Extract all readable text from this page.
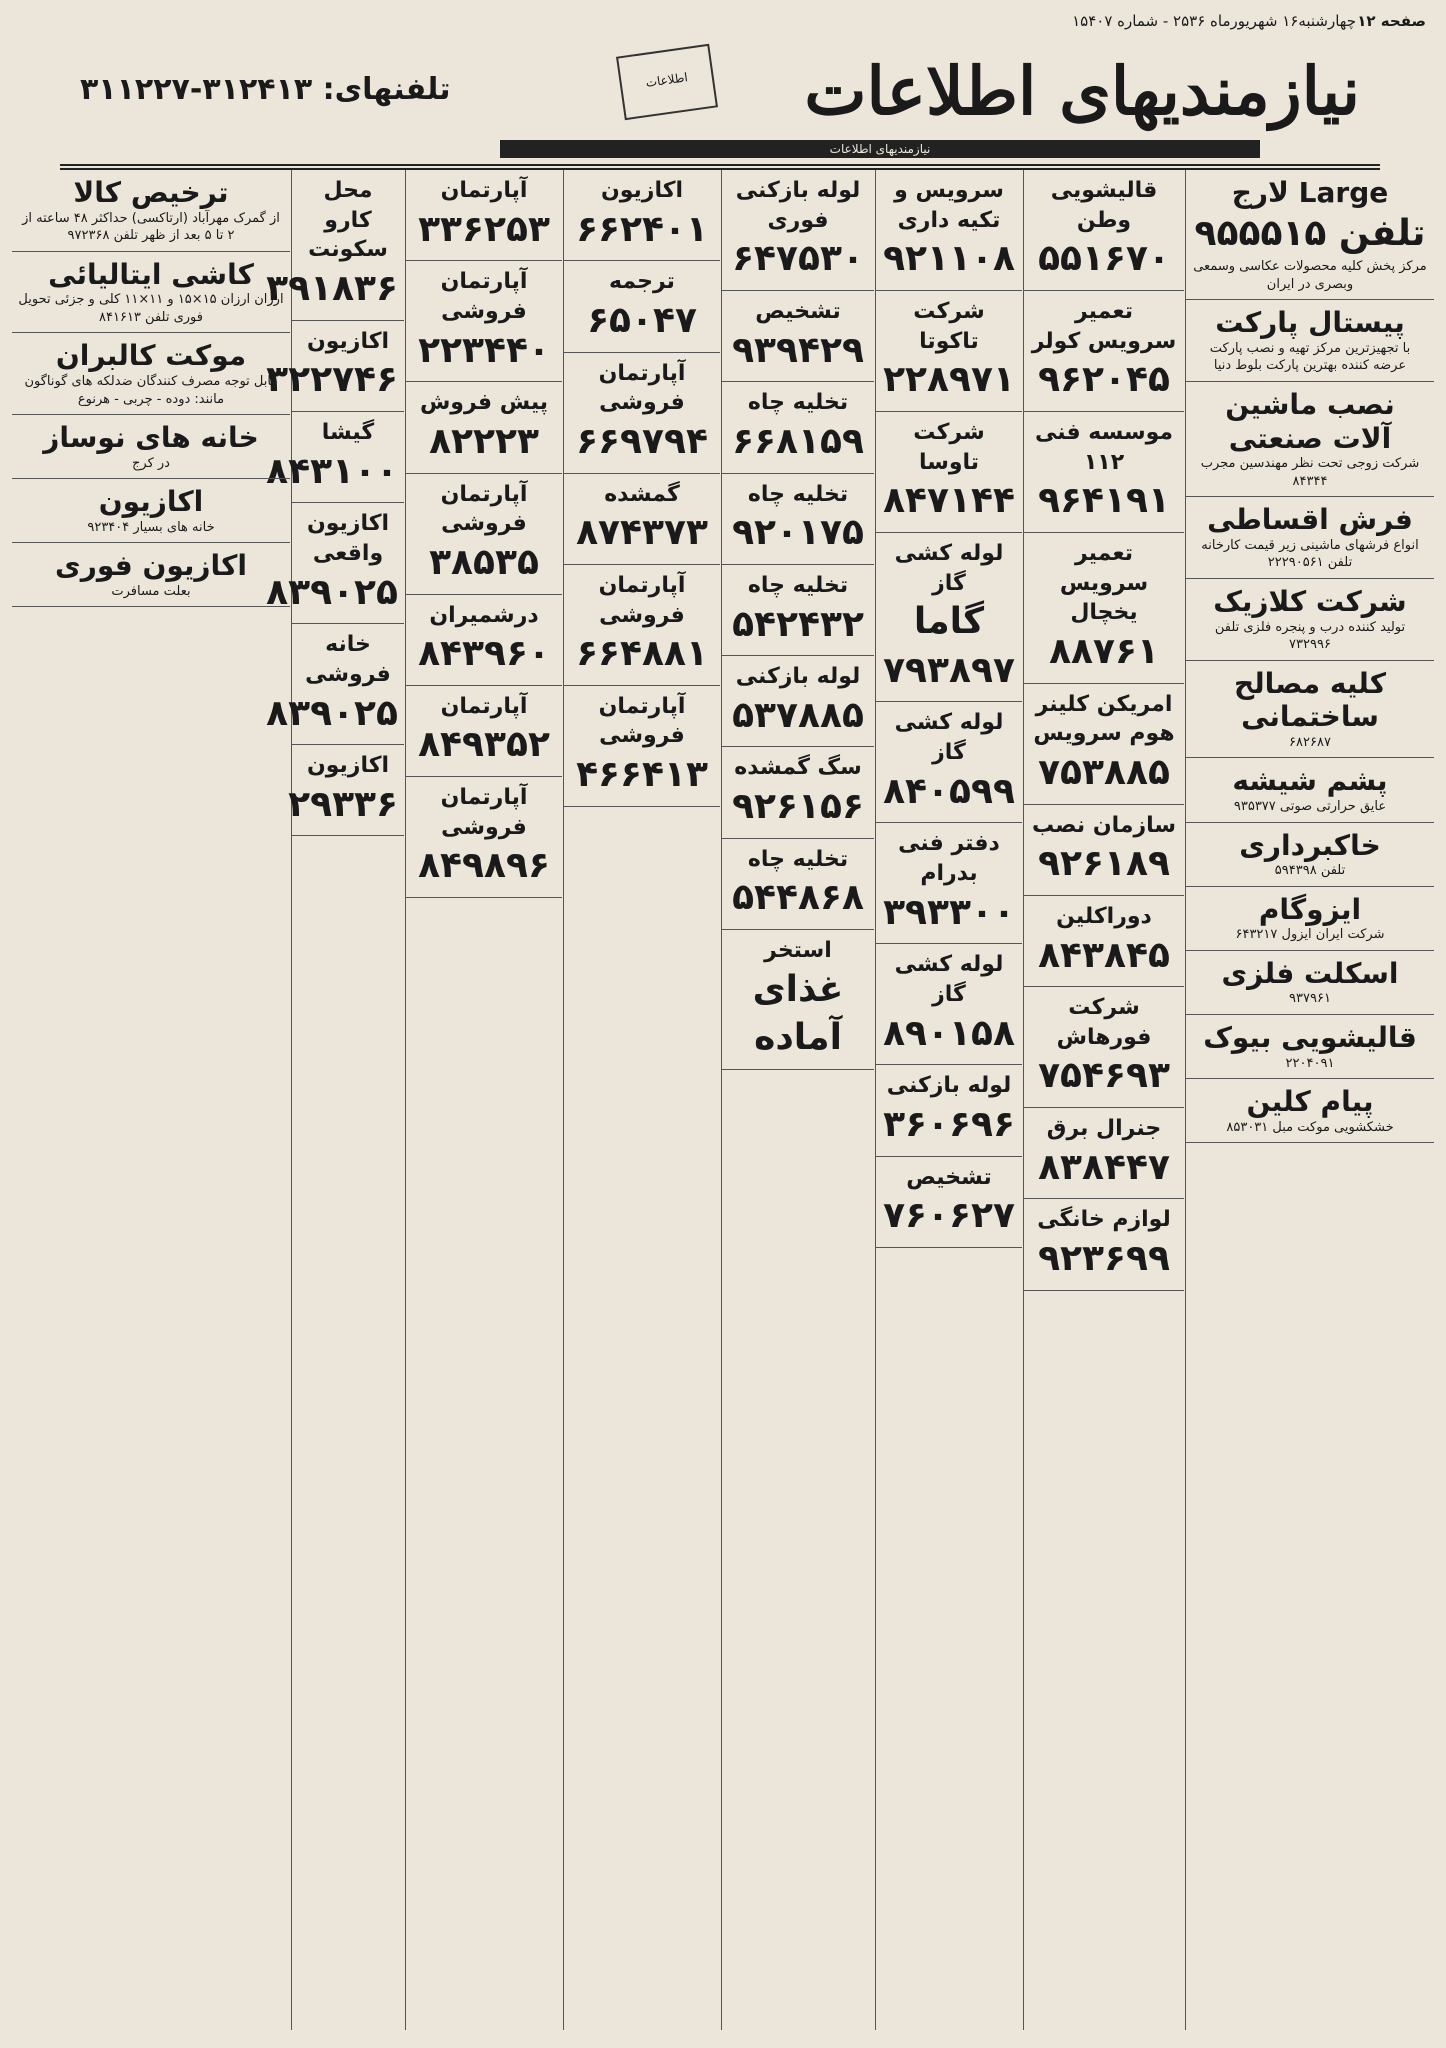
صفحه ۱۲
چهارشنبه۱۶ شهریورماه ۲۵۳۶ - شماره ۱۵۴۰۷
نیازمندیهای اطلاعات
اطلاعات
تلفنهای: ۳۱۲۴۱۳-۳۱۱۲۲۷
نیازمندیهای اطلاعات
Large لارج
تلفن ۹۵۵۵۱۵
مرکز پخش کلیه محصولات عکاسی وسمعی وبصری در ایران
پیستال پارکت
با تجهیزترین مرکز تهیه و نصب پارکت عرضه کننده بهترین پارکت بلوط دنیا
نصب ماشین آلات صنعتی
شرکت زوجی تحت نظر مهندسین مجرب ۸۴۳۴۴
فرش اقساطی
انواع فرشهای ماشینی زیر قیمت کارخانه تلفن ۲۲۲۹۰۵۶۱
شرکت کلازیک
تولید کننده درب و پنجره فلزی تلفن ۷۳۲۹۹۶
کلیه مصالح ساختمانی
۶۸۲۶۸۷
پشم شیشه
عایق حرارتی صوتی ۹۳۵۳۷۷
خاکبرداری
تلفن ۵۹۴۳۹۸
ایزوگام
شرکت ایران ایزول ۶۴۳۲۱۷
اسکلت فلزی
۹۳۷۹۶۱
قالیشویی بیوک
۲۲۰۴۰۹۱
پیام کلین
خشکشویی موکت مبل ۸۵۳۰۳۱
قالیشویی وطن
۵۵۱۶۷۰
تعمیر سرویس کولر
۹۶۲۰۴۵
موسسه فنی ۱۱۲
۹۶۴۱۹۱
تعمیر سرویس یخچال
۸۸۷۶۱
امریکن کلینر هوم سرویس
۷۵۳۸۸۵
سازمان نصب
۹۲۶۱۸۹
دوراکلین
۸۴۳۸۴۵
شرکت فورهاش
۷۵۴۶۹۳
جنرال برق
۸۳۸۴۴۷
لوازم خانگی
۹۲۳۶۹۹
سرویس و تکیه داری
۹۲۱۱۰۸
شرکت تاکوتا
۲۲۸۹۷۱
شرکت تاوسا
۸۴۷۱۴۴
لوله کشی گاز
گاما ۷۹۳۸۹۷
لوله کشی گاز
۸۴۰۵۹۹
دفتر فنی بدرام
۳۹۳۳۰۰
لوله کشی گاز
۸۹۰۱۵۸
لوله بازکنی
۳۶۰۶۹۶
تشخیص
۷۶۰۶۲۷
لوله بازکنی فوری
۶۴۷۵۳۰
تشخیص
۹۳۹۴۲۹
تخلیه چاه
۶۶۸۱۵۹
تخلیه چاه
۹۲۰۱۷۵
تخلیه چاه
۵۴۲۴۳۲
لوله بازکنی
۵۳۷۸۸۵
سگ گمشده
۹۲۶۱۵۶
تخلیه چاه
۵۴۴۸۶۸
استخر
غذای آماده
اکازیون
۶۶۲۴۰۱
ترجمه
۶۵۰۴۷
آپارتمان فروشی
۶۶۹۷۹۴
گمشده
۸۷۴۳۷۳
آپارتمان فروشی
۶۶۴۸۸۱
آپارتمان فروشی
۴۶۶۴۱۳
آپارتمان
۳۳۶۲۵۳
آپارتمان فروشی
۲۲۳۴۴۰
پیش فروش
۸۲۲۲۳
آپارتمان فروشی
۳۸۵۳۵
درشمیران
۸۴۳۹۶۰
آپارتمان
۸۴۹۳۵۲
آپارتمان فروشی
۸۴۹۸۹۶
محل کارو سکونت
۳۹۱۸۳۶
اکازیون
۳۲۲۷۴۶
گیشا
۸۴۳۱۰۰
اکازیون واقعی
۸۳۹۰۲۵
خانه فروشی
۸۳۹۰۲۵
اکازیون
۲۹۳۳۶
ترخیص کالا
از گمرک مهرآباد (ارتاکسی) حداکثر ۴۸ ساعته از ۲ تا ۵ بعد از ظهر تلفن ۹۷۲۳۶۸
کاشی ایتالیائی
ارزان ارزان ۱۵×۱۵ و ۱۱×۱۱ کلی و جزئی تحویل فوری تلفن ۸۴۱۶۱۳
موکت کالبران
قابل توجه مصرف کنندگان ضدلکه های گوناگون مانند: دوده - چربی - هرنوع
خانه های نوساز
در کرج
اکازیون
خانه های بسیار ۹۲۳۴۰۴
اکازیون فوری
بعلت مسافرت
